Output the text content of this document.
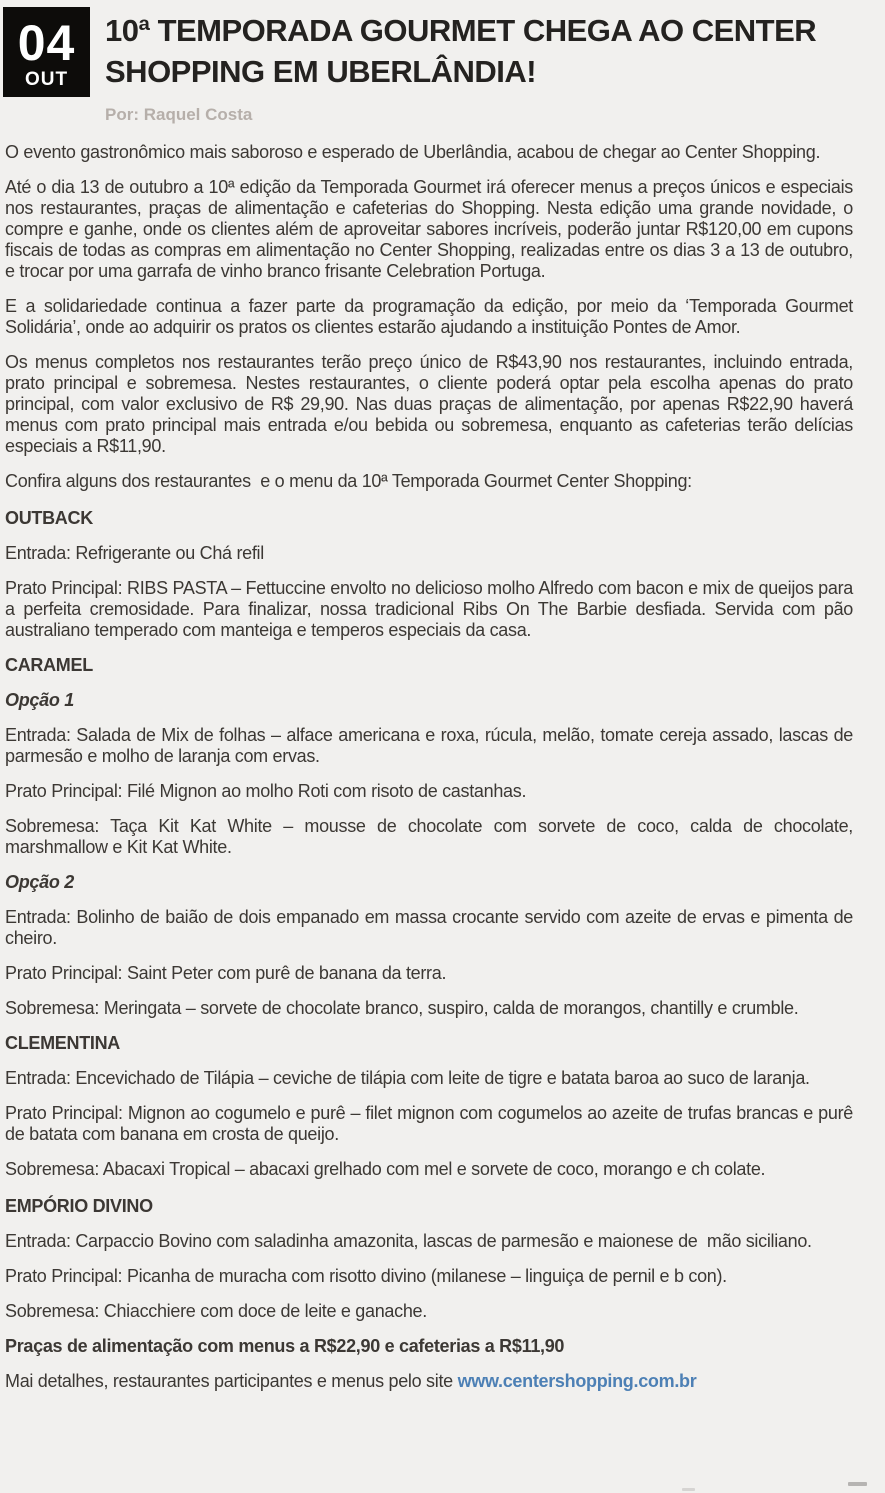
04
OUT
10ª TEMPORADA GOURMET CHEGA AO CENTER SHOPPING EM UBERLÂNDIA!
Por: Raquel Costa

O evento gastronômico mais saboroso e esperado de Uberlândia, acabou de chegar ao Center Shopping.

Até o dia 13 de outubro a 10ª edição da Temporada Gourmet irá oferecer menus a preços únicos e especiais nos restaurantes, praças de alimentação e cafeterias do Shopping. Nesta edição uma grande novidade, o compre e ganhe, onde os clientes além de aproveitar sabores incríveis, poderão juntar R$120,00 em cupons fiscais de todas as compras em alimentação no Center Shopping, realizadas entre os dias 3 a 13 de outubro, e trocar por uma garrafa de vinho branco frisante Celebration Portuga.

E a solidariedade continua a fazer parte da programação da edição, por meio da ‘Temporada Gourmet Solidária’, onde ao adquirir os pratos os clientes estarão ajudando a instituição Pontes de Amor.

Os menus completos nos restaurantes terão preço único de R$43,90 nos restaurantes, incluindo entrada, prato principal e sobremesa. Nestes restaurantes, o cliente poderá optar pela escolha apenas do prato principal, com valor exclusivo de R$ 29,90. Nas duas praças de alimentação, por apenas R$22,90 haverá menus com prato principal mais entrada e/ou bebida ou sobremesa, enquanto as cafeterias terão delícias especiais a R$11,90.

Confira alguns dos restaurantes  e o menu da 10ª Temporada Gourmet Center Shopping:

OUTBACK

Entrada: Refrigerante ou Chá refil

Prato Principal: RIBS PASTA – Fettuccine envolto no delicioso molho Alfredo com bacon e mix de queijos para a perfeita cremosidade. Para finalizar, nossa tradicional Ribs On The Barbie desfiada. Servida com pão australiano temperado com manteiga e temperos especiais da casa.

CARAMEL

Opção 1

Entrada: Salada de Mix de folhas – alface americana e roxa, rúcula, melão, tomate cereja assado, lascas de parmesão e molho de laranja com ervas.

Prato Principal: Filé Mignon ao molho Roti com risoto de castanhas.

Sobremesa: Taça Kit Kat White – mousse de chocolate com sorvete de coco, calda de chocolate, marshmallow e Kit Kat White.

Opção 2

Entrada: Bolinho de baião de dois empanado em massa crocante servido com azeite de ervas e pimenta de cheiro.

Prato Principal: Saint Peter com purê de banana da terra.

Sobremesa: Meringata – sorvete de chocolate branco, suspiro, calda de morangos, chantilly e crumble.

CLEMENTINA

Entrada: Encevichado de Tilápia – ceviche de tilápia com leite de tigre e batata baroa ao suco de laranja.

Prato Principal: Mignon ao cogumelo e purê – filet mignon com cogumelos ao azeite de trufas brancas e purê de batata com banana em crosta de queijo.

Sobremesa: Abacaxi Tropical – abacaxi grelhado com mel e sorvete de coco, morango e ch colate.

EMPÓRIO DIVINO

Entrada: Carpaccio Bovino com saladinha amazonita, lascas de parmesão e maionese de  mão siciliano.

Prato Principal: Picanha de muracha com risotto divino (milanese – linguiça de pernil e b con).

Sobremesa: Chiacchiere com doce de leite e ganache.

Praças de alimentação com menus a R$22,90 e cafeterias a R$11,90

Mai detalhes, restaurantes participantes e menus pelo site www.centershopping.com.br
